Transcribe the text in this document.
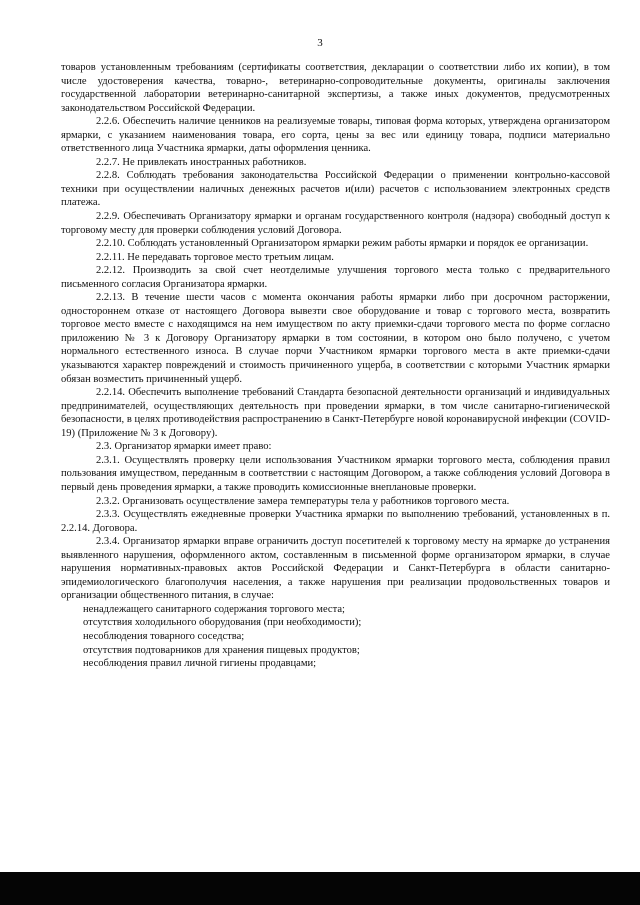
3

товаров установленным требованиям (сертификаты соответствия, декларации о соответствии либо их копии), в том числе удостоверения качества, товарно-, ветеринарно-сопроводительные документы, оригиналы заключения государственной лаборатории ветеринарно-санитарной экспертизы, а также иных документов, предусмотренных законодательством Российской Федерации.

2.2.6. Обеспечить наличие ценников на реализуемые товары, типовая форма которых, утверждена организатором ярмарки, с указанием наименования товара, его сорта, цены за вес или единицу товара, подписи материально ответственного лица Участника ярмарки, даты оформления ценника.

2.2.7. Не привлекать иностранных работников.

2.2.8. Соблюдать требования законодательства Российской Федерации о применении контрольно-кассовой техники при осуществлении наличных денежных расчетов и(или) расчетов с использованием электронных средств платежа.

2.2.9. Обеспечивать Организатору ярмарки и органам государственного контроля (надзора) свободный доступ к торговому месту для проверки соблюдения условий Договора.

2.2.10. Соблюдать установленный Организатором ярмарки режим работы ярмарки и порядок ее организации.

2.2.11. Не передавать торговое место третьим лицам.

2.2.12. Производить за свой счет неотделимые улучшения торгового места только с предварительного письменного согласия Организатора ярмарки.

2.2.13. В течение шести часов с момента окончания работы ярмарки либо при досрочном расторжении, одностороннем отказе от настоящего Договора вывезти свое оборудование и товар с торгового места, возвратить торговое место вместе с находящимся на нем имуществом по акту приемки-сдачи торгового места по форме согласно приложению № 3 к Договору Организатору ярмарки в том состоянии, в котором оно было получено, с учетом нормального естественного износа. В случае порчи Участником ярмарки торгового места в акте приемки-сдачи указываются характер повреждений и стоимость причиненного ущерба, в соответствии с которыми Участник ярмарки обязан возместить причиненный ущерб.

2.2.14. Обеспечить выполнение требований Стандарта безопасной деятельности организаций и индивидуальных предпринимателей, осуществляющих деятельность при проведении ярмарки, в том числе санитарно-гигиенической безопасности, в целях противодействия распространению в Санкт-Петербурге новой коронавирусной инфекции (COVID-19) (Приложение № 3 к Договору).

2.3. Организатор ярмарки имеет право:

2.3.1. Осуществлять проверку цели использования Участником ярмарки торгового места, соблюдения правил пользования имуществом, переданным в соответствии с настоящим Договором, а также соблюдения условий Договора в первый день проведения ярмарки, а также проводить комиссионные внеплановые проверки.

2.3.2. Организовать осуществление замера температуры тела у работников торгового места.

2.3.3. Осуществлять ежедневные проверки Участника ярмарки по выполнению требований, установленных в п. 2.2.14. Договора.

2.3.4. Организатор ярмарки вправе ограничить доступ посетителей к торговому месту на ярмарке до устранения выявленного нарушения, оформленного актом, составленным в письменной форме организатором ярмарки, в случае нарушения нормативных-правовых актов Российской Федерации и Санкт-Петербурга в области санитарно-эпидемиологического благополучия населения, а также нарушения при реализации продовольственных товаров и организации общественного питания, в случае:

ненадлежащего санитарного содержания торгового места;

отсутствия холодильного оборудования (при необходимости);

несоблюдения товарного соседства;

отсутствия подтоварников для хранения пищевых продуктов;

несоблюдения правил личной гигиены продавцами;
